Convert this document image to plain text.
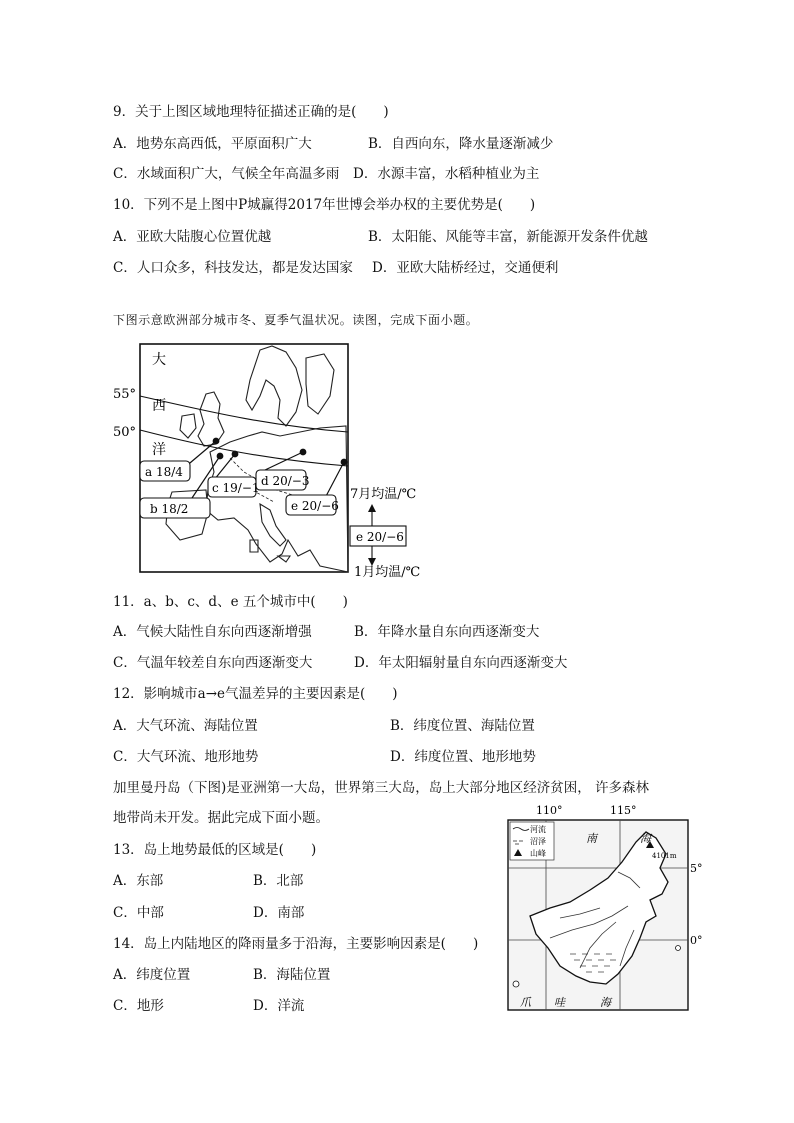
9．关于上图区域地理特征描述正确的是(　　)
A．地势东高西低，平原面积广大	B．自西向东，降水量逐渐减少
C．水域面积广大，气候全年高温多雨 D．水源丰富，水稻种植业为主
10．下列不是上图中P城赢得2017年世博会举办权的主要优势是(　　)
A．亚欧大陆腹心位置优越	B．太阳能、风能等丰富，新能源开发条件优越
C．人口众多，科技发达，都是发达国家 D．亚欧大陆桥经过，交通便利
下图示意欧洲部分城市冬、夏季气温状况。读图，完成下面小题。
大
西
洋
55°
50°
a 18/4
b 18/2
c 19/−1 d 20/−3
e 20/−6
7月均温/℃
e 20/−6
1月均温/℃
11．a、b、c、d、e 五个城市中(　　)
A．气候大陆性自东向西逐渐增强	B．年降水量自东向西逐渐变大
C．气温年较差自东向西逐渐变大	D．年太阳辐射量自东向西逐渐变大
12．影响城市a→e气温差异的主要因素是(　　)
A．大气环流、海陆位置	B．纬度位置、海陆位置
C．大气环流、地形地势	D．纬度位置、地形地势
加里曼丹岛（下图)是亚洲第一大岛，世界第三大岛，岛上大部分地区经济贫困， 许多森林
地带尚未开发。据此完成下面小题。	110°	115°
5°
0°
河流
沼泽
山峰	4101m
南	海
爪 哇	海
13．岛上地势最低的区域是(　　)
A．东部	B．北部
C．中部	D．南部
14．岛上内陆地区的降雨量多于沿海，主要影响因素是(　　)
A．纬度位置	B．海陆位置
C．地形	D．洋流
